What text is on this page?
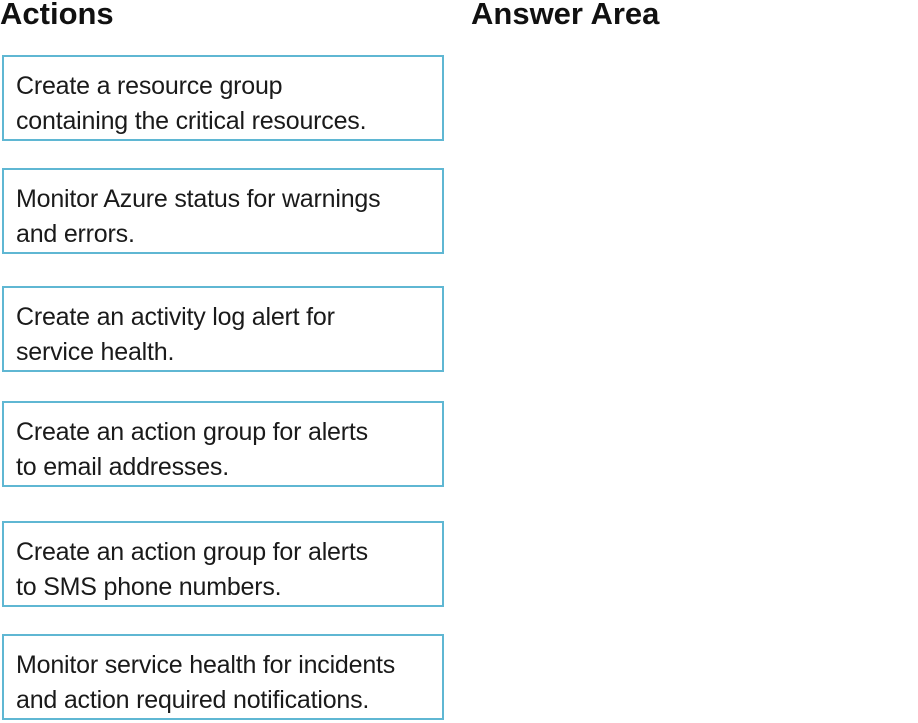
Actions	Answer Area
Create a resource group
containing the critical resources.
Monitor Azure status for warnings
and errors.
Create an activity log alert for
service health.
Create an action group for alerts
to email addresses.
Create an action group for alerts
to SMS phone numbers.
Monitor service health for incidents
and action required notifications.
